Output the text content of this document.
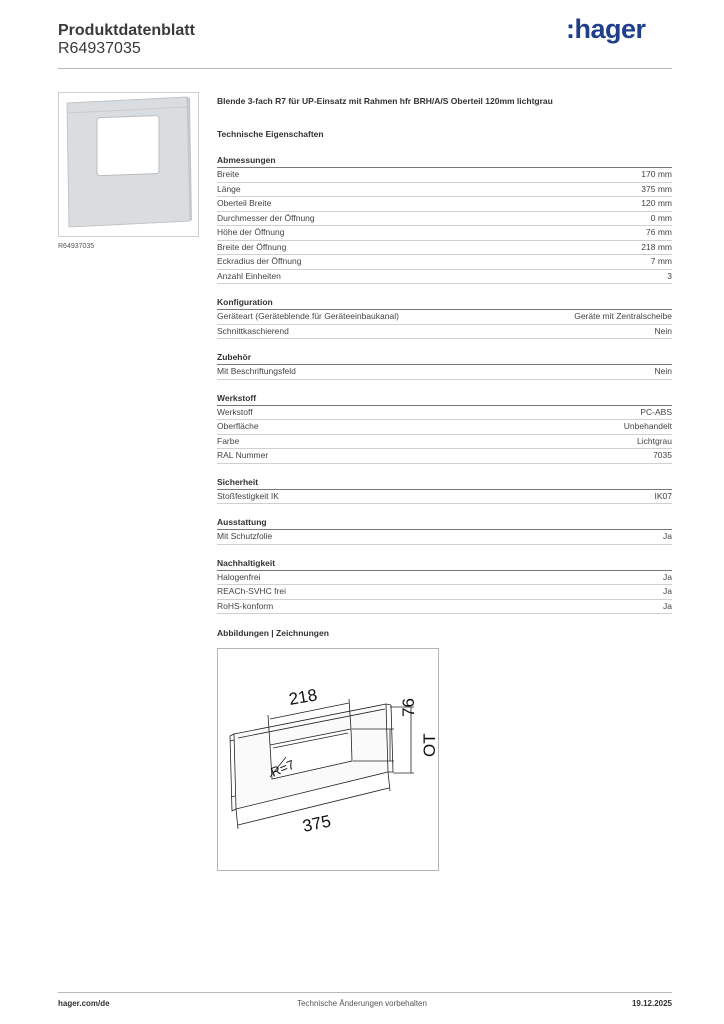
Produktdatenblatt
R64937035
:hager
R64937035
Blende 3-fach R7 für UP-Einsatz mit Rahmen hfr BRH/A/S Oberteil 120mm lichtgrau
Technische Eigenschaften
Abmessungen
Breite	170 mm
Länge	375 mm
Oberteil Breite	120 mm
Durchmesser der Öffnung	0 mm
Höhe der Öffnung	76 mm
Breite der Öffnung	218 mm
Eckradius der Öffnung	7 mm
Anzahl Einheiten	3
Konfiguration
Geräteart (Geräteblende für Geräteeinbaukanal)	Geräte mit Zentralscheibe
Schnittkaschierend	Nein
Zubehör
Mit Beschriftungsfeld	Nein
Werkstoff
Werkstoff	PC-ABS
Oberfläche	Unbehandelt
Farbe	Lichtgrau
RAL Nummer	7035
Sicherheit
Stoßfestigkeit IK	IK07
Ausstattung
Mit Schutzfolie	Ja
Nachhaltigkeit
Halogenfrei	Ja
REACh-SVHC frei	Ja
RoHS-konform	Ja
Abbildungen | Zeichnungen
218	76
OT
R=7
375
hager.com/de	Technische Änderungen vorbehalten	19.12.2025
